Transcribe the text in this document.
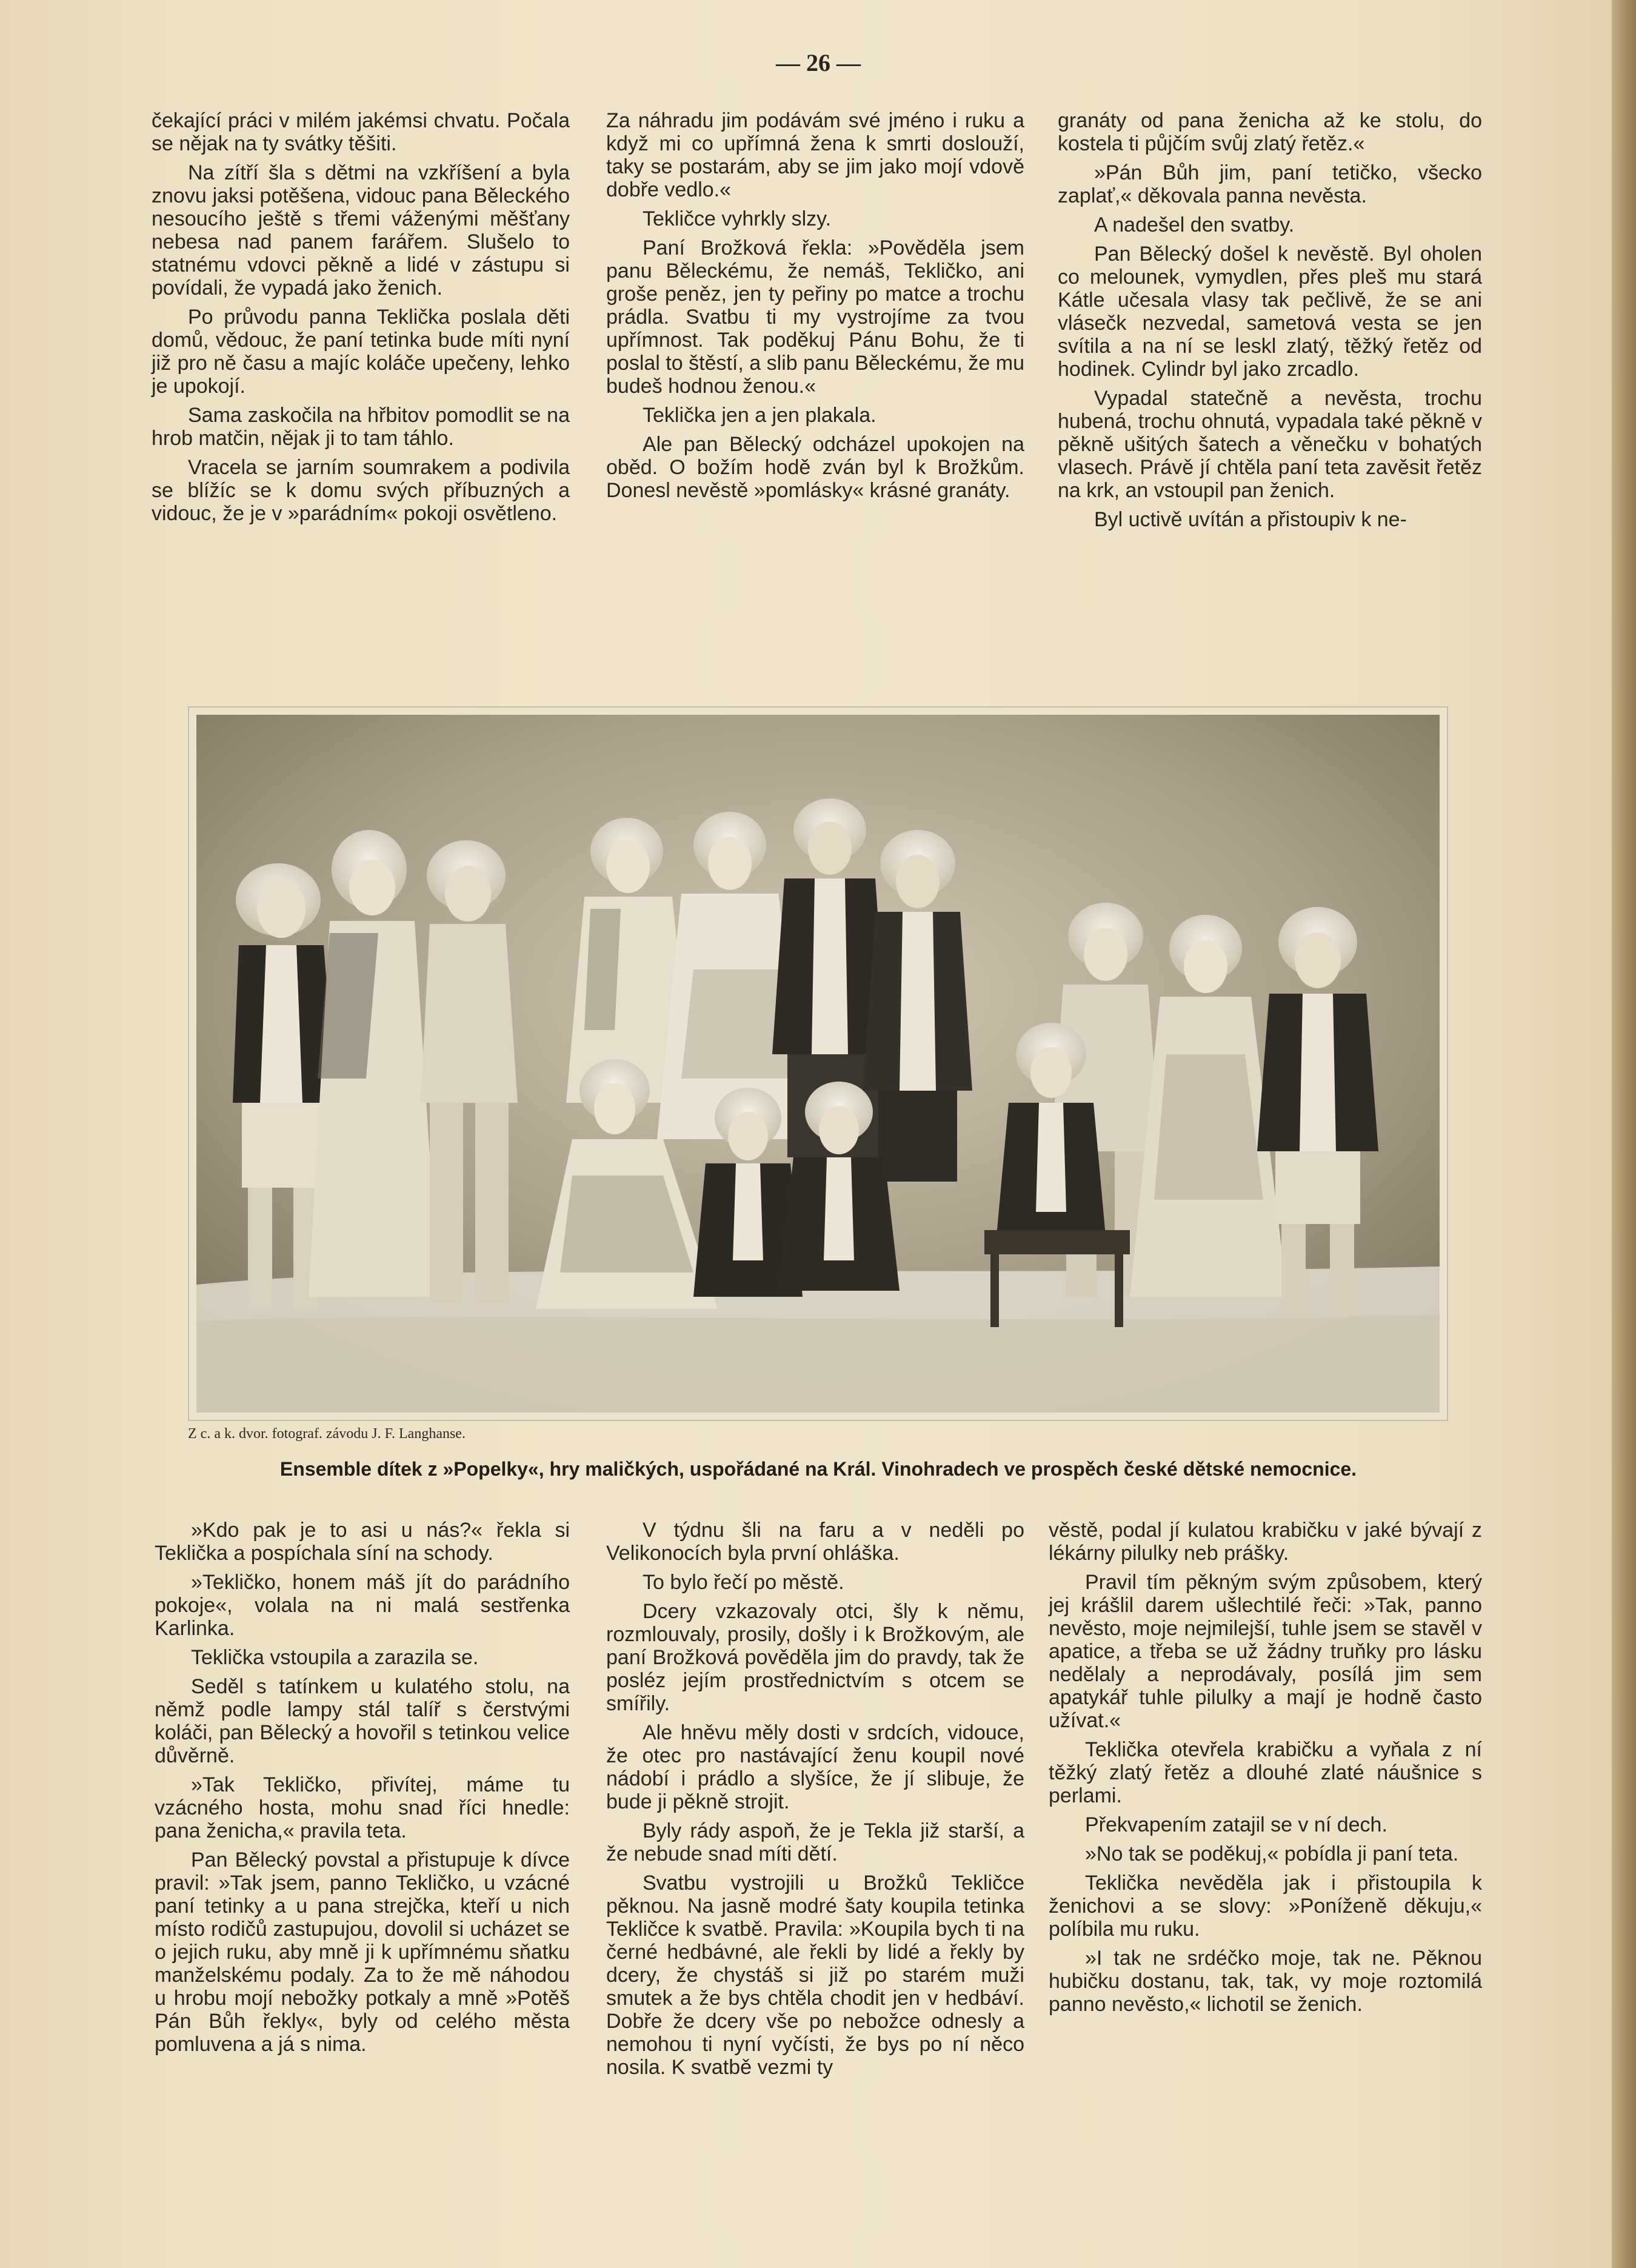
— 26 —

čekající práci v milém jakémsi chvatu. Počala se nějak na ty svátky těšiti.

Na zítří šla s dětmi na vzkříšení a byla znovu jaksi potěšena, vidouc pana Běleckého nesoucího ještě s třemi váženými měšťany nebesa nad panem farářem. Slušelo to statnému vdovci pěkně a lidé v zástupu si povídali, že vypadá jako ženich.

Po průvodu panna Teklička poslala děti domů, vědouc, že paní tetinka bude míti nyní již pro ně času a majíc koláče upečeny, lehko je upokojí.

Sama zaskočila na hřbitov pomodlit se na hrob matčin, nějak ji to tam táhlo.

Vracela se jarním soumrakem a podivila se blížíc se k domu svých příbuzných a vidouc, že je v »parádním« pokoji osvětleno.

Za náhradu jim podávám své jméno i ruku a když mi co upřímná žena k smrti doslouží, taky se postarám, aby se jim jako mojí vdově dobře vedlo.«

Tekličce vyhrkly slzy.

Paní Brožková řekla: »Pověděla jsem panu Běleckému, že nemáš, Tekličko, ani groše peněz, jen ty peřiny po matce a trochu prádla. Svatbu ti my vystrojíme za tvou upřímnost. Tak poděkuj Pánu Bohu, že ti poslal to štěstí, a slib panu Běleckému, že mu budeš hodnou ženou.«

Teklička jen a jen plakala.

Ale pan Bělecký odcházel upokojen na oběd. O božím hodě zván byl k Brožkům. Donesl nevěstě »pomlásky« krásné granáty.

granáty od pana ženicha až ke stolu, do kostela ti půjčím svůj zlatý řetěz.«

»Pán Bůh jim, paní tetičko, všecko zaplať,« děkovala panna nevěsta.

A nadešel den svatby.

Pan Bělecký došel k nevěstě. Byl oholen co melounek, vymydlen, přes pleš mu stará Kátle učesala vlasy tak pečlivě, že se ani vlásečk nezvedal, sametová vesta se jen svítila a na ní se leskl zlatý, těžký řetěz od hodinek. Cylindr byl jako zrcadlo.

Vypadal statečně a nevěsta, trochu hubená, trochu ohnutá, vypadala také pěkně v pěkně ušitých šatech a věnečku v bohatých vlasech. Právě jí chtěla paní teta zavěsit řetěz na krk, an vstoupil pan ženich.

Byl uctivě uvítán a přistoupiv k ne-

Z c. a k. dvor. fotograf. závodu J. F. Langhanse.
Ensemble dítek z »Popelky«, hry maličkých, uspořádané na Král. Vinohradech ve prospěch české dětské nemocnice.

»Kdo pak je to asi u nás?« řekla si Teklička a pospíchala síní na schody.

»Tekličko, honem máš jít do parádního pokoje«, volala na ni malá sestřenka Karlinka.

Teklička vstoupila a zarazila se.

Seděl s tatínkem u kulatého stolu, na němž podle lampy stál talíř s čerstvými koláči, pan Bělecký a hovořil s tetinkou velice důvěrně.

»Tak Tekličko, přivítej, máme tu vzácného hosta, mohu snad říci hnedle: pana ženicha,« pravila teta.

Pan Bělecký povstal a přistupuje k dívce pravil: »Tak jsem, panno Tekličko, u vzácné paní tetinky a u pana strejčka, kteří u nich místo rodičů zastupujou, dovolil si ucházet se o jejich ruku, aby mně ji k upřímnému sňatku manželskému podaly. Za to že mě náhodou u hrobu mojí nebožky potkaly a mně »Potěš Pán Bůh řekly«, byly od celého města pomluvena a já s nima.

V týdnu šli na faru a v neděli po Velikonocích byla první ohláška.

To bylo řečí po městě.

Dcery vzkazovaly otci, šly k němu, rozmlouvaly, prosily, došly i k Brožkovým, ale paní Brožková pověděla jim do pravdy, tak že posléz jejím prostřednictvím s otcem se smířily.

Ale hněvu měly dosti v srdcích, vidouce, že otec pro nastávající ženu koupil nové nádobí i prádlo a slyšíce, že jí slibuje, že bude ji pěkně strojit.

Byly rády aspoň, že je Tekla již starší, a že nebude snad míti dětí.

Svatbu vystrojili u Brožků Tekličce pěknou. Na jasně modré šaty koupila tetinka Tekličce k svatbě. Pravila: »Koupila bych ti na černé hedbávné, ale řekli by lidé a řekly by dcery, že chystáš si již po starém muži smutek a že bys chtěla chodit jen v hedbáví. Dobře že dcery vše po nebožce odnesly a nemohou ti nyní vyčísti, že bys po ní něco nosila. K svatbě vezmi ty

věstě, podal jí kulatou krabičku v jaké bývají z lékárny pilulky neb prášky.

Pravil tím pěkným svým způsobem, který jej krášlil darem ušlechtilé řeči: »Tak, panno nevěsto, moje nejmilejší, tuhle jsem se stavěl v apatice, a třeba se už žádny truňky pro lásku nedělaly a neprodávaly, posílá jim sem apatykář tuhle pilulky a mají je hodně často užívat.«

Teklička otevřela krabičku a vyňala z ní těžký zlatý řetěz a dlouhé zlaté náušnice s perlami.

Překvapením zatajil se v ní dech.

»No tak se poděkuj,« pobídla ji paní teta.

Teklička nevěděla jak i přistoupila k ženichovi a se slovy: »Poníženě děkuju,« políbila mu ruku.

»I tak ne srdéčko moje, tak ne. Pěknou hubičku dostanu, tak, tak, vy moje roztomilá panno nevěsto,« lichotil se ženich.
